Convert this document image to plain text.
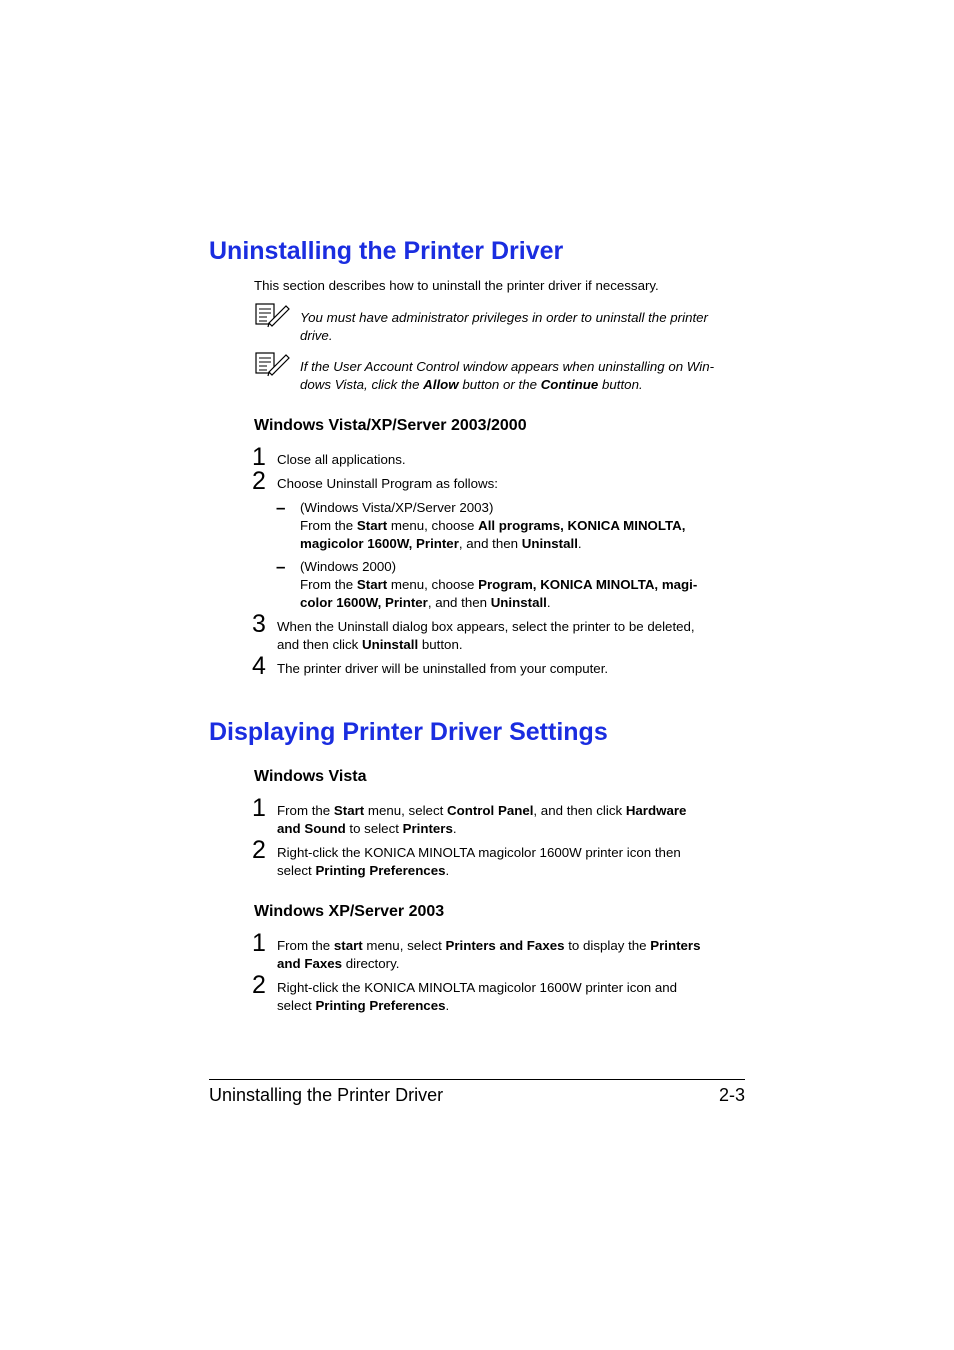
Uninstalling the Printer Driver
This section describes how to uninstall the printer driver if necessary.
You must have administrator privileges in order to uninstall the printer
drive.
If the User Account Control window appears when uninstalling on Win-
dows Vista, click the Allow button or the Continue button.
Windows Vista/XP/Server 2003/2000
1 Close all applications.
2 Choose Uninstall Program as follows:
– (Windows Vista/XP/Server 2003)
From the Start menu, choose All programs, KONICA MINOLTA,
magicolor 1600W, Printer, and then Uninstall.
– (Windows 2000)
From the Start menu, choose Program, KONICA MINOLTA, magi-
color 1600W, Printer, and then Uninstall.
3 When the Uninstall dialog box appears, select the printer to be deleted,
and then click Uninstall button.
4 The printer driver will be uninstalled from your computer.
Displaying Printer Driver Settings
Windows Vista
1 From the Start menu, select Control Panel, and then click Hardware
and Sound to select Printers.
2 Right-click the KONICA MINOLTA magicolor 1600W printer icon then
select Printing Preferences.
Windows XP/Server 2003
1 From the start menu, select Printers and Faxes to display the Printers
and Faxes directory.
2 Right-click the KONICA MINOLTA magicolor 1600W printer icon and
select Printing Preferences.
Uninstalling the Printer Driver	2-3
